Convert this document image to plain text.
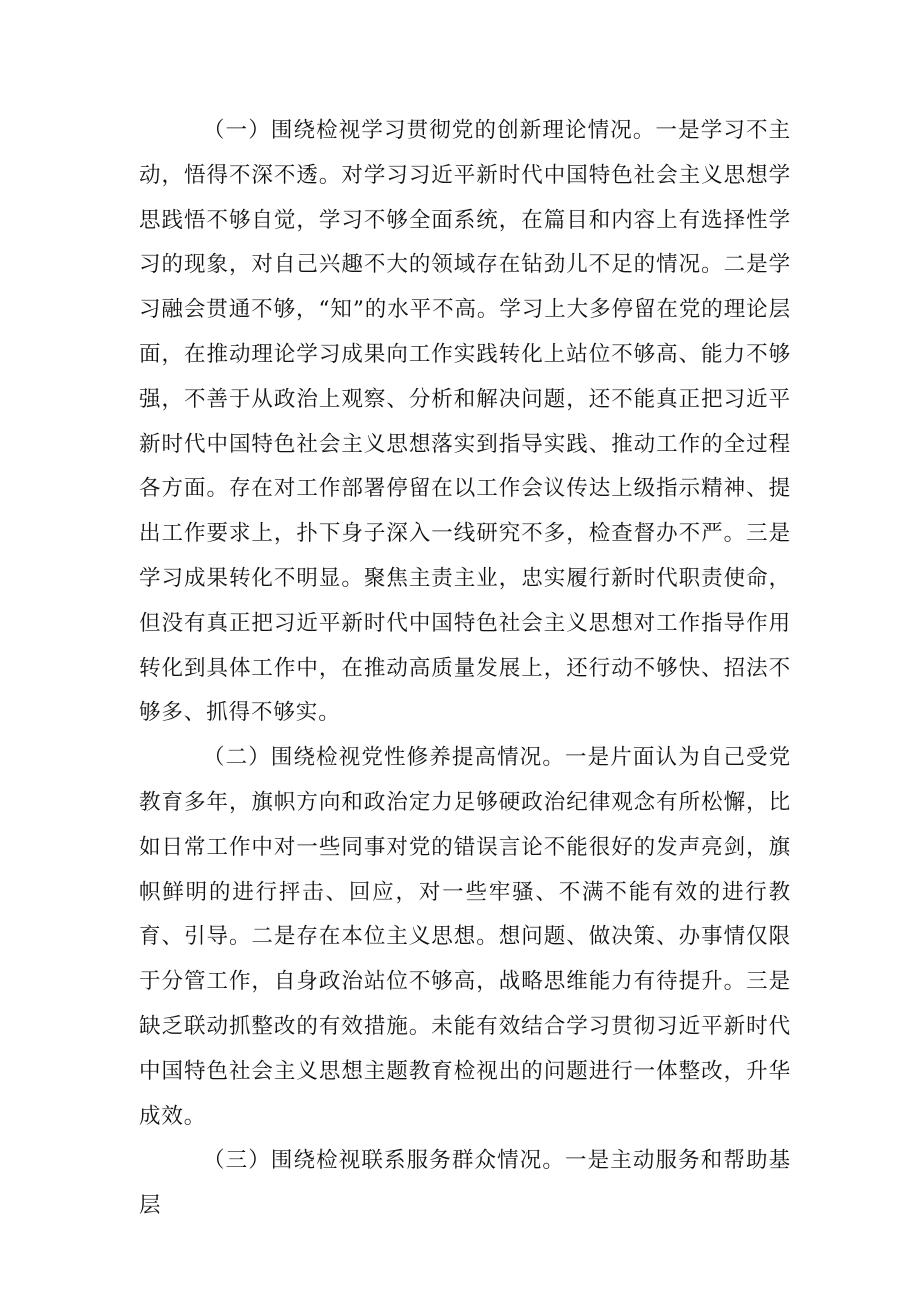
（一）围绕检视学习贯彻党的创新理论情况。一是学习不主动，悟得不深不透。对学习习近平新时代中国特色社会主义思想学思践悟不够自觉，学习不够全面系统，在篇目和内容上有选择性学习的现象，对自己兴趣不大的领域存在钻劲儿不足的情况。二是学习融会贯通不够，“知”的水平不高。学习上大多停留在党的理论层面，在推动理论学习成果向工作实践转化上站位不够高、能力不够强，不善于从政治上观察、分析和解决问题，还不能真正把习近平新时代中国特色社会主义思想落实到指导实践、推动工作的全过程各方面。存在对工作部署停留在以工作会议传达上级指示精神、提出工作要求上，扑下身子深入一线研究不多，检查督办不严。三是学习成果转化不明显。聚焦主责主业，忠实履行新时代职责使命，但没有真正把习近平新时代中国特色社会主义思想对工作指导作用转化到具体工作中，在推动高质量发展上，还行动不够快、招法不够多、抓得不够实。

（二）围绕检视党性修养提高情况。一是片面认为自己受党教育多年，旗帜方向和政治定力足够硬政治纪律观念有所松懈，比如日常工作中对一些同事对党的错误言论不能很好的发声亮剑，旗帜鲜明的进行抨击、回应，对一些牢骚、不满不能有效的进行教育、引导。二是存在本位主义思想。想问题、做决策、办事情仅限于分管工作，自身政治站位不够高，战略思维能力有待提升。三是缺乏联动抓整改的有效措施。未能有效结合学习贯彻习近平新时代中国特色社会主义思想主题教育检视出的问题进行一体整改，升华成效。

（三）围绕检视联系服务群众情况。一是主动服务和帮助基层
